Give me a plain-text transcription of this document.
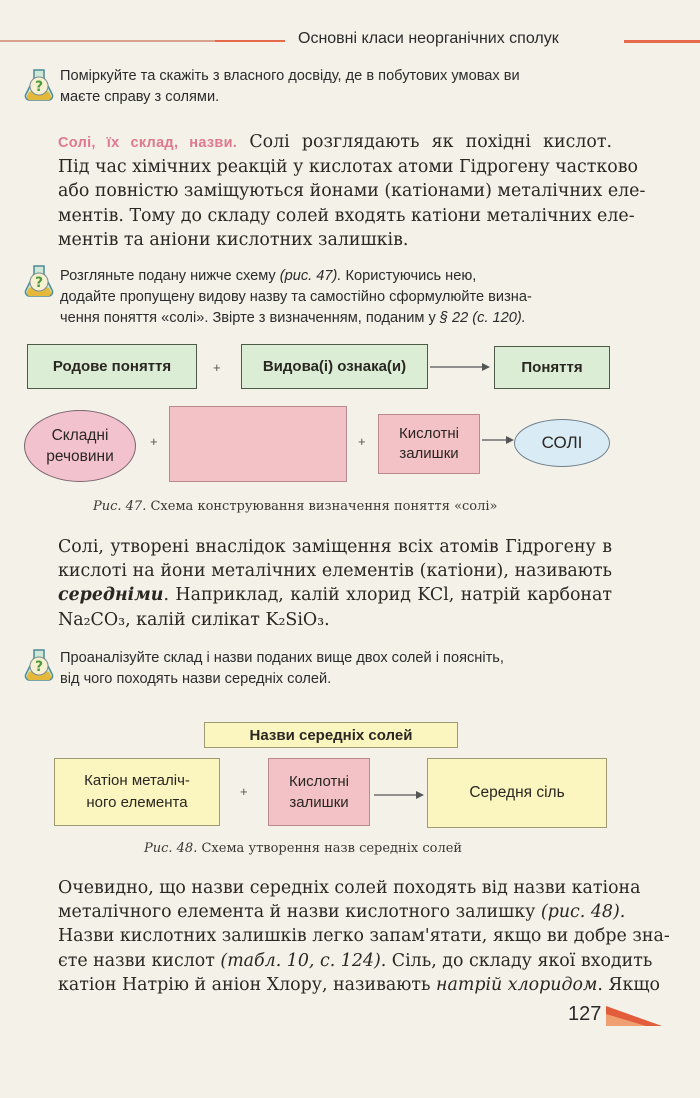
Основні класи неорганічних сполук
?
Поміркуйте та скажіть з власного досвіду, де в побутових умовах ви
маєте справу з солями.
Солі, їх склад, назви. Солі розглядають як похідні кислот.
Під час хімічних реакцій у кислотах атоми Гідрогену частково
або повністю заміщуються йонами (катіонами) металічних еле-
ментів. Тому до складу солей входять катіони металічних еле-
ментів та аніони кислотних залишків.
? Розгляньте подану нижче схему (рис. 47). Користуючись нею,
додайте пропущену видову назву та самостійно сформулюйте визна-
чення поняття «солі». Звірте з визначенням, поданим у § 22 (с. 120).
Родове поняття	+	Видова(і) ознака(и)	Поняття
Складні
речовини
+	+ Кислотні
залишки
СОЛІ
Рис. 47. Схема конструювання визначення поняття «солі»
Солі, утворені внаслідок заміщення всіх атомів Гідрогену в
кислоті на йони металічних елементів (катіони), називають
середніми. Наприклад, калій хлорид KCl, натрій карбонат
Na₂CO₃, калій силікат K₂SiO₃.
?
Проаналізуйте склад і назви поданих вище двох солей і поясніть,
від чого походять назви середніх солей.
Назви середніх солей
Катіон металіч-
ного елемента
+
Кислотні
залишки
Середня сіль
Рис. 48. Схема утворення назв середніх солей
Очевидно, що назви середніх солей походять від назви катіона
металічного елемента й назви кислотного залишку (рис. 48).
Назви кислотних залишків легко запам'ятати, якщо ви добре зна-
єте назви кислот (табл. 10, с. 124). Сіль, до складу якої входить
катіон Натрію й аніон Хлору, називають натрій хлоридом. Якщо
127
